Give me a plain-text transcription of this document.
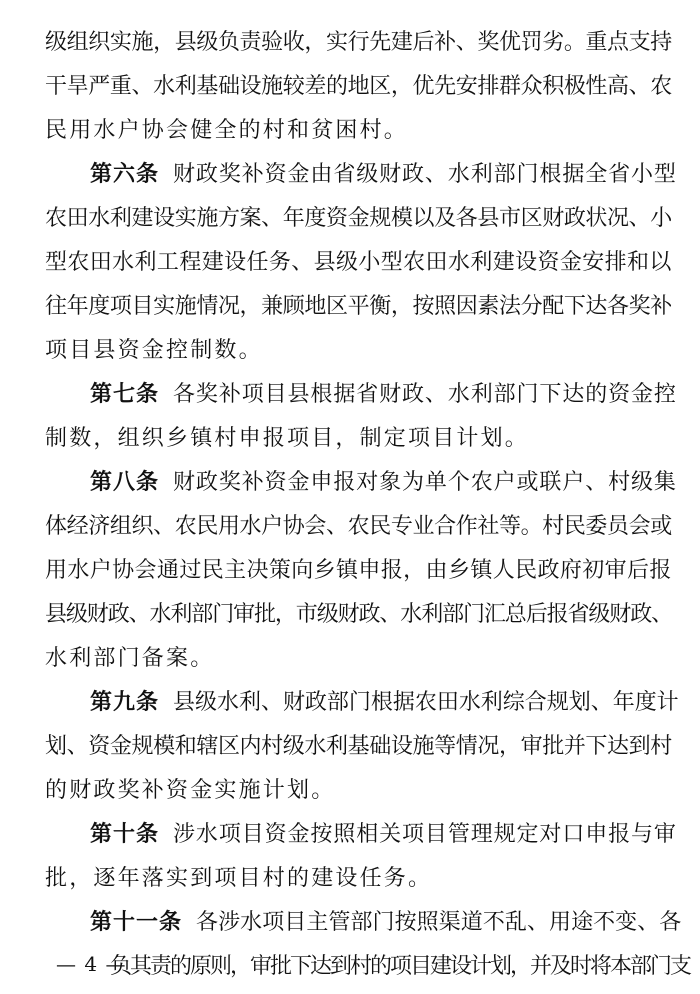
级组织实施，县级负责验收，实行先建后补、奖优罚劣。重点支持
干旱严重、水利基础设施较差的地区，优先安排群众积极性高、农
民用水户协会健全的村和贫困村。
第六条 财政奖补资金由省级财政、水利部门根据全省小型
农田水利建设实施方案、年度资金规模以及各县市区财政状况、小
型农田水利工程建设任务、县级小型农田水利建设资金安排和以
往年度项目实施情况，兼顾地区平衡，按照因素法分配下达各奖补
项目县资金控制数。
第七条 各奖补项目县根据省财政、水利部门下达的资金控
制数，组织乡镇村申报项目，制定项目计划。
第八条 财政奖补资金申报对象为单个农户或联户、村级集
体经济组织、农民用水户协会、农民专业合作社等。村民委员会或
用水户协会通过民主决策向乡镇申报，由乡镇人民政府初审后报
县级财政、水利部门审批，市级财政、水利部门汇总后报省级财政、
水利部门备案。
第九条 县级水利、财政部门根据农田水利综合规划、年度计
划、资金规模和辖区内村级水利基础设施等情况，审批并下达到村
的财政奖补资金实施计划。
第十条 涉水项目资金按照相关项目管理规定对口申报与审
批，逐年落实到项目村的建设任务。
第十一条 各涉水项目主管部门按照渠道不乱、用途不变、各
负其责的原则，审批下达到村的项目建设计划，并及时将本部门支
— 4 —
